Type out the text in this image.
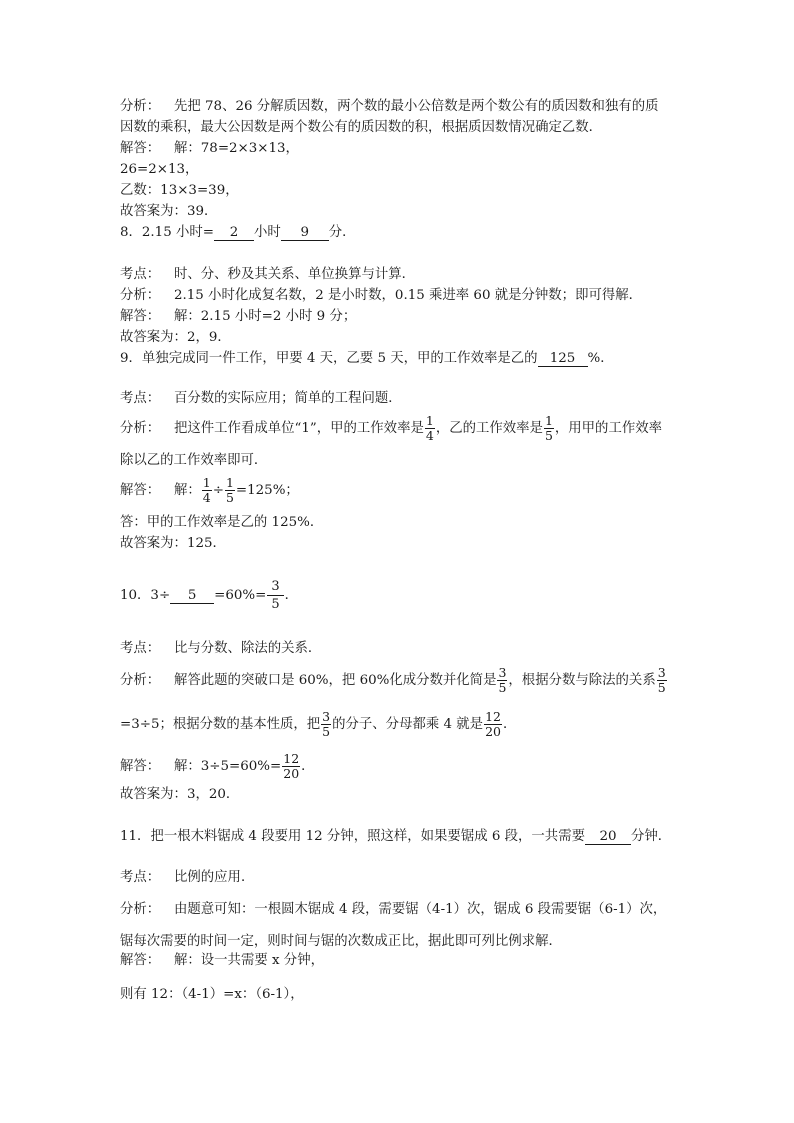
分析： 先把 78、26 分解质因数，两个数的最小公倍数是两个数公有的质因数和独有的质
因数的乘积，最大公因数是两个数公有的质因数的积，根据质因数情况确定乙数．
解答： 解：78=2×3×13，
26=2×13，
乙数：13×3=39，
故答案为：39．
8．2.15 小时= 2 小时 9 分．
考点： 时、分、秒及其关系、单位换算与计算．
分析： 2.15 小时化成复名数，2 是小时数，0.15 乘进率 60 就是分钟数；即可得解．
解答： 解：2.15 小时=2 小时 9 分；
故答案为：2，9．
9．单独完成同一件工作，甲要 4 天，乙要 5 天，甲的工作效率是乙的 125 %．
考点： 百分数的实际应用；简单的工程问题．
分析： 把这件工作看成单位“1”，甲的工作效率是 $\frac{1}{4}$ ，乙的工作效率是 $\frac{1}{5}$ ，用甲的工作效率
除以乙的工作效率即可．
解答： 解： $\frac{1}{4} \div \frac{1}{5} =125\%$；
答：甲的工作效率是乙的 125%．
故答案为：125．
10．$3\div 5 =60\%= \frac{3}{5}$ ．
考点： 比与分数、除法的关系．
分析： 解答此题的突破口是 60%，把 60%化成分数并化简是 $\frac{3}{5}$ ，根据分数与除法的关系 $\frac{3}{5}$
=3÷5；根据分数的基本性质，把 $\frac{3}{5}$ 的分子、分母都乘 4 就是 $\frac{12}{20}$ ．
解答： 解：$3\div 5=60\%= \frac{12}{20}$ ．
故答案为：3，20．
11．把一根木料锯成 4 段要用 12 分钟，照这样，如果要锯成 6 段，一共需要 20 分钟．
考点： 比例的应用．
分析： 由题意可知：一根圆木锯成 4 段，需要锯（4-1）次，锯成 6 段需要锯（6-1）次，
锯每次需要的时间一定，则时间与锯的次数成正比，据此即可列比例求解．
解答： 解：设一共需要 x 分钟，
则有 12：（4-1）=x：（6-1），
